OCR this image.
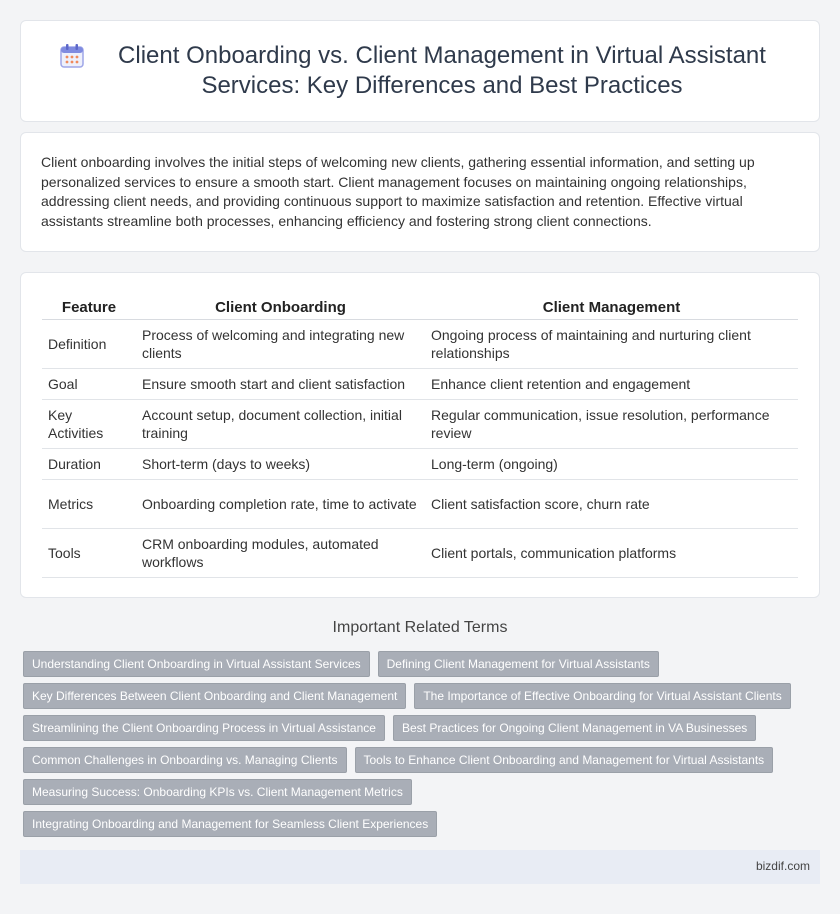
Client Onboarding vs. Client Management in Virtual Assistant Services: Key Differences and Best Practices

Client onboarding involves the initial steps of welcoming new clients, gathering essential information, and setting up personalized services to ensure a smooth start. Client management focuses on maintaining ongoing relationships, addressing client needs, and providing continuous support to maximize satisfaction and retention. Effective virtual assistants streamline both processes, enhancing efficiency and fostering strong client connections.

Feature	Client Onboarding	Client Management
Definition	Process of welcoming and integrating new clients	Ongoing process of maintaining and nurturing client relationships
Goal	Ensure smooth start and client satisfaction	Enhance client retention and engagement
Key Activities	Account setup, document collection, initial training	Regular communication, issue resolution, performance review
Duration	Short-term (days to weeks)	Long-term (ongoing)
Metrics	Onboarding completion rate, time to activate	Client satisfaction score, churn rate
Tools	CRM onboarding modules, automated workflows	Client portals, communication platforms
Important Related Terms
Understanding Client Onboarding in Virtual Assistant Services	Defining Client Management for Virtual Assistants
Key Differences Between Client Onboarding and Client Management	The Importance of Effective Onboarding for Virtual Assistant Clients
Streamlining the Client Onboarding Process in Virtual Assistance	Best Practices for Ongoing Client Management in VA Businesses
Common Challenges in Onboarding vs. Managing Clients	Tools to Enhance Client Onboarding and Management for Virtual Assistants
Measuring Success: Onboarding KPIs vs. Client Management Metrics
Integrating Onboarding and Management for Seamless Client Experiences
bizdif.com
